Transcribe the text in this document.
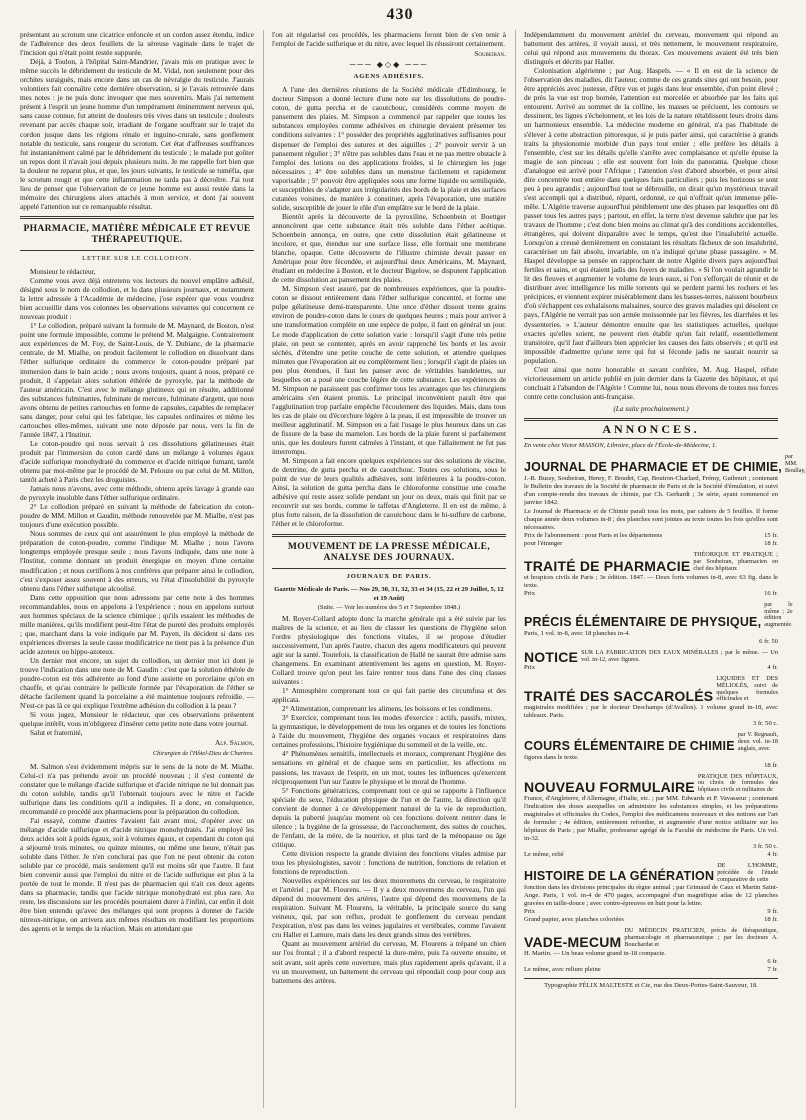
430

présentant au scrotum une cicatrice enfoncée et un cordon assez étendu, indice de l'adhérence des deux feuillets de la séreuse vaginale dans le trajet de l'incision qui n'était point restée suppurée.

Déjà, à Toulon, à l'hôpital Saint-Mandrier, j'avais mis en pratique avec le même succès le débridement du testicule de M. Vidal, non seulement pour des orchites suraiguës, mais encore dans un cas de névralgie du testicule. J'aurais volontiers fait connaître cette dernière observation, si je l'avais retrouvée dans mes notes : je ne puis donc invoquer que mes souvenirs. Mais j'ai nettement présent à l'esprit un jeune homme d'un tempérament éminemment nerveux qui, sans cause connue, fut atteint de douleurs très vives dans un testicule ; douleurs revenant par accès chaque soir, irradiant de l'organe souffrant sur le trajet du cordon jusque dans les régions rénale et inguino-crurale, sans gonflement notable du testicule, sans rougeur du scrotum. Cet état d'affreuses souffrances fut instantanément calmé par le débridement du testicule ; le malade put goûter un repos dont il n'avait joui depuis plusieurs nuits. Je me rappelle fort bien que la douleur ne reparut plus, et que, les jours suivants, le testicule se tuméfia, que le scrotum rougit et que cette inflammation ne tarda pas à décroître. J'ai tout lieu de penser que l'observation de ce jeune homme est aussi restée dans la mémoire des chirurgiens alors attachés à mon service, et dont j'ai souvent appelé l'attention sur ce remarquable résultat.

PHARMACIE, MATIÈRE MÉDICALE ET REVUE THÉRAPEUTIQUE.
LETTRE SUR LE COLLODION.

Monsieur le rédacteur,

Comme vous avez déjà entretenu vos lecteurs du nouvel emplâtre adhésif, désigné sous le nom de collodion, et lu dans plusieurs journaux, et notamment la lettre adressée à l'Académie de médecine, j'ose espérer que vous voudrez bien accueillir dans vos colonnes les observations suivantes qui concernent ce nouveau produit :

1° Le collodion, préparé suivant la formule de M. Maynard, de Boston, n'est point une formule impossible, comme le prétend M. Malgaigne. Contrairement aux expériences de M. Foy, de Saint-Louis, de Y. Dubianc, de la pharmacie centrale, de M. Mialhe, on produit facilement le collodion en dissolvant dans l'éther sulfurique ordinaire du commerce le coton-poudre préparé par immersion dans le bain acide ; nous avons toujours, quant à nous, préparé ce produit, il s'appelait alors solution éthérée de pyroxyle, par la méthode de l'auteur américain. C'est avec le mélange glutineux qui en résulte, additionné des substances fulminantes, fulminate de mercure, fulminate d'argent, que nous avons obtenu de petites cartouches en forme de capsules, capables de remplacer sans danger, pour celui qui les fabrique, les capsules ordinaires et même les cartouches elles-mêmes, suivant une note déposée par nous, vers la fin de l'année 1847, à l'Institut.

Le coton-poudre qui nous servait à ces dissolutions gélatineuses était produit par l'immersion du coton cardé dans un mélange à volumes égaux d'acide sulfurique monohydraté du commerce et d'acide nitrique fumant, tantôt obtenu par moi-même par le procédé de M. Pelouze ou par celui de M. Millon, tantôt acheté à Paris chez les droguistes.

Jamais nous n'avons, avec cette méthode, obtenu après lavage à grande eau de pyroxyle insoluble dans l'éther sulfurique ordinaire.

2° Le collodion préparé en suivant la méthode de fabrication du coton-poudre de MM. Millon et Gaudin, méthode renouvelée par M. Mialhe, n'est pas toujours d'une exécution possible.

Nous sommes de ceux qui ont assurément le plus employé la méthode de préparation de coton-poudre, comme l'indique M. Mialhe ; nous l'avons longtemps employée presque seule ; nous l'avons indiquée, dans une note à l'Institut, comme donnant un produit énergique en moyen d'une certaine modification ; et nous certifions à nos confrères que préparer ainsi le collodion, c'est s'exposer assez souvent à des erreurs, vu l'état d'insolubilité du pyroxyle obtenu dans l'éther sulfurique alcoolisé.

Dans cette opposition que nous adressons par cette note à des hommes recommandables, nous en appelons à l'expérience : nous en appelons surtout aux hommes spéciaux de la science chimique ; qu'ils essaient les méthodes de mille manières, qu'ils modifient peut-être l'état de pureté des produits employés ; que, marchant dans la voie indiquée par M. Payen, ils décident si dans ces expériences diverses la seule cause modificatrice ne tient pas à la présence d'un acide azoteux ou hippo-azoteux.

Un dernier mot encore, un sujet du collodion, un dernier mot ici dont je trouve l'indication dans une note de M. Gaudin : c'est que la solution éthérée de poudre-coton est très adhérente au fond d'une assiette en porcelaine qu'on en chauffe, et qu'au contraire le pellicule formée par l'évaporation de l'éther se détache facilement quand la porcelaine a été maintenue toujours refroidie. — N'est-ce pas là ce qui explique l'extrême adhésion du collodion à la peau ?

Si vous jugez, Monsieur le rédacteur, que ces observations présentent quelque intérêt, vous m'obligerez d'insérer cette petite note dans votre journal.

Salut et fraternité,

Alp. Salmon,
Chirurgien de l'Hôtel-Dieu de Chartres.

M. Salmon s'est évidemment mépris sur le sens de la note de M. Mialhe. Celui-ci n'a pas prétendu avoir un procédé nouveau ; il s'est contenté de constater que le mélange d'acide sulfurique et d'acide nitrique ne lui donnait pas du coton soluble, tandis qu'il l'obtenait toujours avec le nitre et l'acide sulfurique dans les conditions qu'il a indiquées. Il a donc, en conséquence, recommandé ce procédé aux pharmaciens pour la préparation du collodion.

J'ai essayé, comme d'autres l'avaient fait avant moi, d'opérer avec un mélange d'acide sulfurique et d'acide nitrique monohydratés. J'ai employé les deux acides soit à poids égaux, soit à volumes égaux, et cependant du coton qui a séjourné trois minutes, ou quinze minutes, ou même une heure, n'était pas soluble dans l'éther. Je n'en conclurai pas que l'on ne peut obtenir du coton soluble par ce procédé, mais seulement qu'il est moins sûr que l'autre. Il faut bien convenir aussi que l'emploi du nitre et de l'acide sulfurique est plus à la portée de tout le monde. Il n'est pas de pharmacien qui n'ait ces deux agents dans sa pharmacie, tandis que l'acide nitrique monohydraté est plus rare. Au reste, les discussions sur les procédés pourraient durer à l'infini, car enfin il doit être bien entendu qu'avec des mélanges qui sont propres à donner de l'acide nitreux-nitrique, on arrivera aux mêmes résultats en modifiant les proportions des agents et le temps de la réaction. Mais en attendant que

l'on ait régularisé ces procédés, les pharmaciens feront bien de s'en tenir à l'emploi de l'acide sulfurique et du nitre, avec lequel ils réussiront certainement.

Soubeiran.
─── ◆◇◆ ───
AGENS ADHÉSIFS.

A l'une des dernières réunions de la Société médicale d'Edimbourg, le docteur Simpson a donné lecture d'une note sur les dissolutions de poudre-coton, de gutta percha et de caoutchouc, considérés comme moyen de pansement des plaies. M. Simpson a commencé par rappeler que toutes les substances employées comme adhésives en chirurgie devaient présenter les conditions suivantes : 1° posséder des propriétés agglutinatives suffisantes pour dispenser de l'emploi des sutures et des aiguilles ; 2° pouvoir servir à un pansement régulier ; 3° n'être pas solubles dans l'eau et ne pas mettre obstacle à l'emploi des lotions ou des applications froides, si le chirurgien les juge nécessaires ; 4° être solubles dans un menstrue facilement et rapidement vaporisable ; 5° pouvoir être appliquées sous une forme liquide ou semiliquide, et susceptibles de s'adapter aux irrégularités des bords de la plaie et des surfaces cutanées voisines, de manière à constituer, après l'évaporation, une matière solide, susceptible de jouer le rôle d'un emplâtre sur le bord de la plaie.

Bientôt après la découverte de la pyroxiline, Schoenbein et Boettger annoncèrent que cette substance était très soluble dans l'éther acétique. Schoenbein annonça, en outre, que cette dissolution était gélatineuse et incolore, et que, étendue sur une surface lisse, elle formait une membrane blanche, opaque. Cette découverte de l'illustre chimiste devait passer en Amérique pour être fécondée, et aujourd'hui deux Américains, M. Maynard, étudiant en médecine à Boston, et le docteur Bigelow, se disputent l'application de cette dissolution au pansement des plaies.

M. Simpson s'est assuré, par de nombreuses expériences, que la poudre-coton se dissout entièrement dans l'éther sulfurique concentré, et forme une pulpe gélatineuse demi-transparente. Une once d'éther dissout trente grains environ de poudre-coton dans le cours de quelques heures ; mais pour arriver à une transformation complète en une espèce de pulpe, il faut en général un jour. Le mode d'application de cette solution varie : lorsqu'il s'agit d'une très petite plaie, on peut se contenter, après en avoir rapproché les bords et les avoir séchés, d'étendre une petite couche de cette solution, et attendre quelques minutes que l'évaporation ait eu complètement lieu ; lorsqu'il s'agit de plaies un peu plus étendues, il faut les panser avec de véritables bandelettes, sur lesquelles on a posé une couche légère de cette substance. Les expériences de M. Simpson ne paraissent pas confirmer tous les avantages que les chirurgiens américains s'en étaient promis. Le principal inconvénient paraît être que l'agglutination trop parfaite empêche l'écoulement des liquides. Mais, dans tous les cas de plaie ou d'écorchure légère à la peau, il est impossible de trouver un meilleur agglutinatif. M. Simpson en a fait l'usage le plus heureux dans un cas de fissure de la base du mamelon. Les bords de la plaie furent si parfaitement unis, que les douleurs furent calmées à l'instant, et que l'allaitement ne fut pas interrompu.

M. Simpson a fait encore quelques expériences sur des solutions de viscine, de dextrine, de gutta percha et de caoutchouc. Toutes ces solutions, sous le point de vue de leurs qualités adhésives, sont inférieures à la poudre-coton. Ainsi, la solution de gutta percha dans le chloroforme constitue une couche adhésive qui reste assez solide pendant un jour ou deux, mais qui finit par se recouvrir sur ses bords, comme le taffetas d'Angleterre. Il en est de même, à plus forte raison, de la dissolution de caoutchouc dans le bi-sulfure de carbone, l'éther et le chloroforme.

MOUVEMENT DE LA PRESSE MÉDICALE, ANALYSE DES JOURNAUX.
JOURNAUX DE PARIS.

Gazette Médicale de Paris. — Nos 29, 30, 31, 32, 33 et 34 (15, 22 et 29 Juillet, 5, 12 et 19 Août)

(Suite. — Voir les numéros des 5 et 7 Septembre 1848.)

M. Royer-Collard adopte donc la marche générale qui a été suivie par les maîtres de la science, et au lieu de classer les questions de l'hygiène selon l'ordre physiologique des fonctions vitales, il se propose d'étudier successivement, l'un après l'autre, chacun des agens modificateurs qui peuvent agir sur la santé. Toutefois, la classification de Hallé ne saurait être admise sans changemens. En examinant attentivement les agens en question, M. Royer-Collard trouve qu'on peut les faire rentrer tous dans l'une des cinq classes suivantes :

1° Atmosphère comprenant tout ce qui fait partie des circumfusa et des applicata.

2° Alimentation, comprenant les alimens, les boissons et les condimens.

3° Exercice, comprenant tous les modes d'exercice : actifs, passifs, mixtes, la gymnastique, le développement de tous les organes et de toutes les fonctions à l'aide du mouvement, l'hygiène des organes vocaux et respiratoires dans certaines professions, l'histoire hygiénique du sommeil et de la veille, etc.

4° Phénomènes sensitifs, intellectuels et moraux, comprenant l'hygiène des sensations en général et de chaque sens en particulier, les affections ou passions, les travaux de l'esprit, en un mot, toutes les influences qu'exercent réciproquement l'un sur l'autre le physique et le moral de l'homme.

5° Fonctions génératrices, comprenant tout ce qui se rapporte à l'influence spéciale du sexe, l'éducation physique de l'un et de l'autre, la direction qu'il convient de donner à ce développement naturel de la vie de reproduction, depuis la puberté jusqu'au moment où ces fonctions doivent rentrer dans le silence ; la hygiène de la grossesse, de l'accouchement, des suites de couches, de l'enfant, de la mère, de la nourrice, et plus tard de la ménopause ou âge critique.

Cette division respecte la grande division des fonctions vitales admise par tous les physiologistes, savoir : fonctions de nutrition, fonctions de relation et fonctions de reproduction.

Nouvelles expériences sur les deux mouvemens du cerveau, le respiratoire et l'artériel ; par M. Flourens. — Il y a deux mouvemens du cerveau, l'un qui dépend du mouvement des artères, l'autre qui dépend des mouvemens de la respiration. Suivant M. Flourens, la véritable, la principale source du sang veineux, qui, par son reflux, produit le gonflement du cerveau pendant l'expiration, n'est pas dans les veines jugulaires et vertébrales, comme l'avaient cru Haller et Lamure, mais dans les deux grands sinus des vertèbres.

Quant au mouvement artériel du cerveau, M. Flourens a trépané un chien sur l'os frontal ; il a d'abord respecté la dure-mère, puis l'a ouverte ensuite, et soit avant, soit après cette ouverture, mais plus rapidement après qu'avant, il a vu un mouvement, un battement du cerveau qui répondait coup pour coup aux battemens des artères.

Indépendamment du mouvement artériel du cerveau, mouvement qui répond au battement des artères, il voyait aussi, et très nettement, le mouvement respiratoire, celui qui répond aux mouvemens du thorax. Ces mouvemens avaient été très bien distingués et décrits par Haller.

Colonisation algérienne ; par Aug. Haspels. — « Il en est de la science de l'observation des maladies, dit l'auteur, comme de ces grands sites qui ont besoin, pour être appréciés avec justesse, d'être vus et jugés dans leur ensemble, d'un point élevé ; de près la vue est trop bornée, l'attention est morcelée et absorbée par les faits qui entourent. Arrivé au sommet de la colline, les masses se précisent, les contours se dessinent, les lignes s'échelonnent, et les lois de la nature rétablissent leurs droits dans un harmonieux ensemble. La médecine moderne en général, n'a pas l'habitude de s'élever à cette abstraction pittoresque, si je puis parler ainsi, qui caractérise à grands traits la physionomie morbide d'un pays tout entier ; elle préfère les détails à l'ensemble, c'est sur les détails qu'elle s'arrête avec complaisance et qu'elle épuise la magie de son pinceau ; elle est souvent fort loin du panorama. Quelque chose d'analogue est arrivé pour l'Afrique ; l'attention s'est d'abord absorbée, et pour ainsi dire concentrée tout entière dans quelques faits particuliers ; puis les horizons se sont peu à peu agrandis ; aujourd'hui tout se débrouille, on dirait qu'un mystérieux travail s'est accompli qui a distribué, réparti, ordonné, ce qui n'offrait qu'un immense pêle-mêle. L'Algérie traverse aujourd'hui péniblement une des phases par lesquelles ont dû passer tous les autres pays ; partout, en effet, la terre n'est devenue salubre que par les travaux de l'homme ; c'est donc bien moins au climat qu'à des conditions accidentelles, étrangères, qui doivent disparaître avec le temps, qu'est due l'insalubrité actuelle. Lorsqu'on a creusé dernièrement en constatant les résultats fâcheux de son insalubrité, caractériser un fait absolu, invariable, on n'a indiqué qu'une phase passagère. » M. Haspel développe sa pensée en rapprochant de notre Algérie divers pays aujourd'hui fertiles et sains, et qui étaient jadis des foyers de maladies. « Si l'on voulait agrandir le lit des fleuves et augmenter le volume de leurs eaux, si l'on s'efforçait de réunir et de distribuer avec intelligence les mille torrents qui se perdent parmi les rochers et les précipices, et viennent expirer misérablement dans les basses-terres, naissent bourbeux d'où s'échappent ces exhalaisons malsaines, source des graves maladies qui désolent ce pays, l'Algérie ne verrait pas son armée moissonnée par les fièvres, les diarrhées et les dyssenteries. » L'auteur démontre ensuite que les statistiques actuelles, quelque exactes qu'elles soient, ne peuvent rien établir qu'un fait relatif, essentiellement transitoire, qu'il faut d'ailleurs bien apprécier les causes des faits observés ; et qu'il est impossible d'admettre qu'une terre qui fut si féconde jadis ne saurait nourrir sa population.

C'est ainsi que notre honorable et savant confrère, M. Aug. Haspel, réfute victorieusement un article publié en juin dernier dans la Gazette des hôpitaux, et qui concluait à l'abandon de l'Algérie ! Comme lui, nous nous élevons de toutes nos forces contre cette conclusion anti-française.

(La suite prochainement.)
ANNONCES.

En vente chez Victor MASSON, Libraire, place de l'École-de-Médecine, 1.

JOURNAL DE PHARMACIE ET DE CHIMIE,
par MM. Boullay,
J.-B. Bussy, Soubeiran, Henry, F. Boudet, Cap, Boutron-Charlard, Frémy, Guibourt ; contenant le Bulletin des travaux de la Société de pharmacie de Paris et de la Société d'émulation, et suivi d'un compte-rendu des travaux de chimie, par Ch. Gerhardt ; 3e série, ayant commencé en janvier 1842.
Le Journal de Pharmacie et de Chimie paraît tous les mois, par cahiers de 5 feuilles. Il forme chaque année deux volumes in-8 ; des planches sont jointes au texte toutes les fois qu'elles sont nécessaires.
Prix de l'abonnement : pour Paris et les départemens	15 fr.
pour l'étranger	18 fr.
TRAITÉ DE PHARMACIE
THÉORIQUE ET PRATIQUE ; par Soubeiran, pharmacien en chef des hôpitaux
et hospices civils de Paris ; 3e édition. 1847. — Deux forts volumes in-8, avec 63 fig. dans le texte.
Prix	16 fr.
PRÉCIS ÉLÉMENTAIRE DE PHYSIQUE,
par le même ; 2e édition augmentée.
Paris, 1 vol. in-8, avec 18 planches in-4.
6 fr. 50
NOTICE SUR LA FABRICATION DES EAUX MINÉRALES ; par le même. — Un vol. in-12, avec figures.
Prix	4 fr.
TRAITÉ DES SACCAROLÉS
LIQUIDES ET DES MÉLIOLÉS, suivi de quelques formules officinales et
magistrales modifiées ; par le docteur Deschamps (d'Avallon). 1 volume grand in-18, avec tableaux. Paris.
3 fr. 50 c.
COURS ÉLÉMENTAIRE DE CHIMIE
par V. Regnault, deux vol. in-18 anglais, avec
figures dans le texte.
18 fr.
NOUVEAU FORMULAIRE
PRATIQUE DES HÔPITAUX, ou choix de formules des hôpitaux civils et militaires de
France, d'Angleterre, d'Allemagne, d'Italie, etc. ; par MM. Edwards et P. Vavasseur ; contenant l'indication des doses auxquelles on administre les substances simples, et les préparations magistrales et officinales du Codex, l'emploi des médicamens nouveaux et des notions sur l'art de formuler ; 4e édition, entièrement refondue, et augmentée d'une notice utilitaire sur les hôpitaux de Paris ; par Mialhe, professeur agrégé de la Faculté de médecine de Paris. Un vol. in-32.
3 fr. 50 c.
Le même, relié	4 fr.
HISTOIRE DE LA GÉNÉRATION
DE L'HOMME, précédée de l'étude comparative de cette
fonction dans les divisions principales du règne animal ; par Grimaud de Caux et Martin Saint-Ange. Paris, 1 vol. in-4 de 470 pages, accompagné d'un magnifique atlas de 12 planches gravées en taille-douce ; avec contre-épreuves en huit pour la lettre.
Prix	9 fr.
Grand papier, avec planches coloriées	18 fr.
VADE-MECUM
DU MÉDECIN PRATICIEN, précis de thérapeutique, pharmacologie et pharmaceutique ; par les docteurs A. Bouchardat et
H. Martin. — Un beau volume grand in-18 compacte.
6 fr.
Le même, avec reliure pleine	7 fr.
Typographie FÉLIX MALTESTE et Cie, rue des Deux-Portes-Saint-Sauveur, 18.
